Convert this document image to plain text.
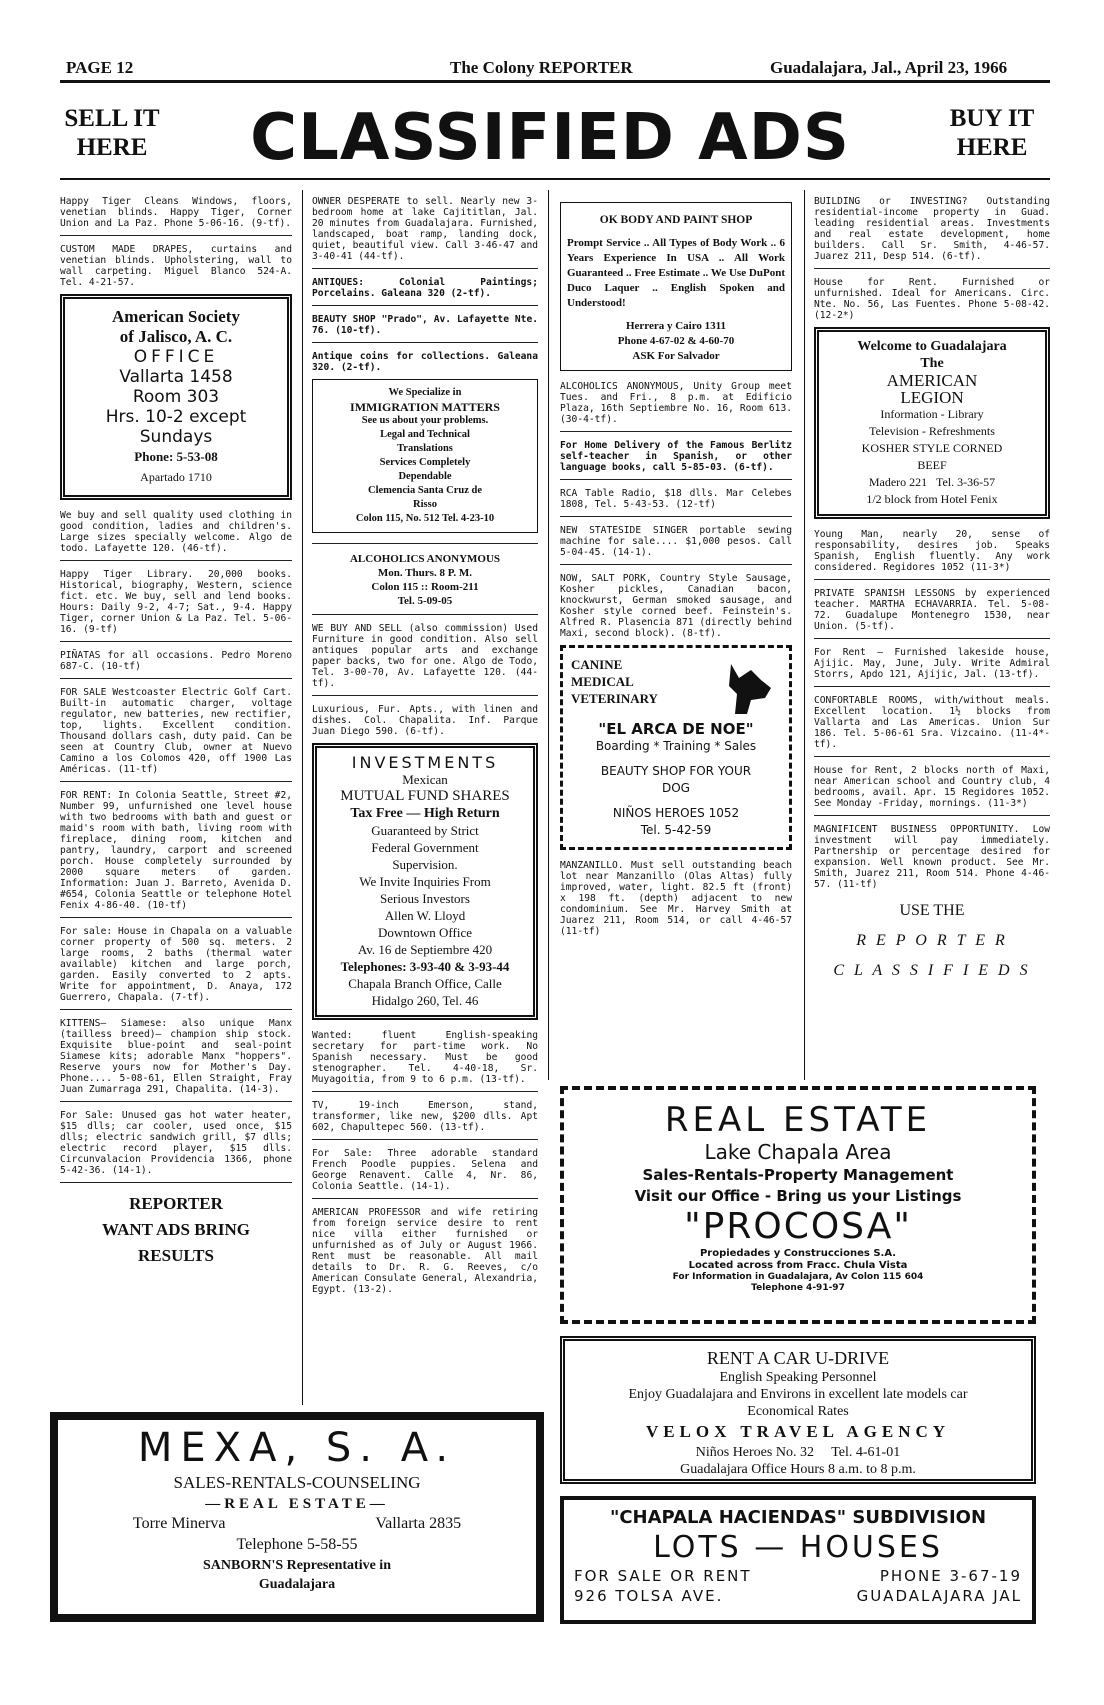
PAGE 12	The Colony REPORTER	Guadalajara, Jal., April 23, 1966
SELL IT
HERE	CLASSIFIED ADS	BUY IT
HERE

Happy Tiger Cleans Windows, floors, venetian blinds. Happy Tiger, Corner Union and La Paz. Phone 5-06-16. (9-tf).

CUSTOM MADE DRAPES, curtains and venetian blinds. Upholstering, wall to wall carpeting. Miguel Blanco 524-A. Tel. 4-21-57.

American Society
of Jalisco, A. C.
OFFICE
Vallarta 1458
Room 303
Hrs. 10-2 except
Sundays
Phone: 5-53-08
Apartado 1710

We buy and sell quality used clothing in good condition, ladies and children's. Large sizes specially welcome. Algo de todo. Lafayette 120. (46-tf).

Happy Tiger Library. 20,000 books. Historical, biography, Western, science fict. etc. We buy, sell and lend books. Hours: Daily 9-2, 4-7; Sat., 9-4. Happy Tiger, corner Union & La Paz. Tel. 5-06-16. (9-tf)

PIÑATAS for all occasions. Pedro Moreno 687-C. (10-tf)

FOR SALE Westcoaster Electric Golf Cart. Built-in automatic charger, voltage regulator, new batteries, new rectifier, top, lights. Excellent condition. Thousand dollars cash, duty paid. Can be seen at Country Club, owner at Nuevo Camino a los Colomos 420, off 1900 Las Américas. (11-tf)

FOR RENT: In Colonia Seattle, Street #2, Number 99, unfurnished one level house with two bedrooms with bath and guest or maid's room with bath, living room with fireplace, dining room, kitchen and pantry, laundry, carport and screened porch. House completely surrounded by 2000 square meters of garden. Information: Juan J. Barreto, Avenida D. #654, Colonia Seattle or telephone Hotel Fenix 4-86-40. (10-tf)

For sale: House in Chapala on a valuable corner property of 500 sq. meters. 2 large rooms, 2 baths (thermal water available) kitchen and large porch, garden. Easily converted to 2 apts. Write for appointment, D. Anaya, 172 Guerrero, Chapala. (7-tf).

KITTENS— Siamese: also unique Manx (tailless breed)— champion ship stock. Exquisite blue-point and seal-point Siamese kits; adorable Manx "hoppers". Reserve yours now for Mother's Day. Phone.... 5-08-61, Ellen Straight, Fray Juan Zumarraga 291, Chapalita. (14-3).

For Sale: Unused gas hot water heater, $15 dlls; car cooler, used once, $15 dlls; electric sandwich grill, $7 dlls; electric record player, $15 dlls. Circunvalacion Providencia 1366, phone 5-42-36. (14-1).

REPORTER
WANT ADS BRING
RESULTS

OWNER DESPERATE to sell. Nearly new 3-bedroom home at lake Cajititlan, Jal. 20 minutes from Guadalajara. Furnished, landscaped, boat ramp, landing dock, quiet, beautiful view. Call 3-46-47 and 3-40-41 (44-tf).

ANTIQUES: Colonial Paintings; Porcelains. Galeana 320 (2-tf).

BEAUTY SHOP "Prado", Av. Lafayette Nte. 76. (10-tf).

Antique coins for collections. Galeana 320. (2-tf).

We Specialize in
IMMIGRATION MATTERS
See us about your problems.
Legal and Technical
Translations
Services Completely
Dependable
Clemencia Santa Cruz de
Risso
Colon 115, No. 512 Tel. 4-23-10
ALCOHOLICS ANONYMOUS
Mon. Thurs. 8 P. M.
Colon 115 :: Room-211
Tel. 5-09-05

WE BUY AND SELL (also commission) Used Furniture in good condition. Also sell antiques popular arts and exchange paper backs, two for one. Algo de Todo, Tel. 3-00-70, Av. Lafayette 120. (44-tf).

Luxurious, Fur. Apts., with linen and dishes. Col. Chapalita. Inf. Parque Juan Diego 590. (6-tf).

INVESTMENTS
Mexican
MUTUAL FUND SHARES
Tax Free — High Return
Guaranteed by Strict
Federal Government
Supervision.
We Invite Inquiries From
Serious Investors
Allen W. Lloyd
Downtown Office
Av. 16 de Septiembre 420
Telephones: 3-93-40 & 3-93-44
Chapala Branch Office, Calle
Hidalgo 260, Tel. 46

Wanted: fluent English-speaking secretary for part-time work. No Spanish necessary. Must be good stenographer. Tel. 4-40-18, Sr. Muyagoitia, from 9 to 6 p.m. (13-tf).

TV, 19-inch Emerson, stand, transformer, like new, $200 dlls. Apt 602, Chapultepec 560. (13-tf).

For Sale: Three adorable standard French Poodle puppies. Selena and George Renavent. Calle 4, Nr. 86, Colonia Seattle. (14-1).

AMERICAN PROFESSOR and wife retiring from foreign service desire to rent nice villa either furnished or unfurnished as of July or August 1966. Rent must be reasonable. All mail details to Dr. R. G. Reeves, c/o American Consulate General, Alexandria, Egypt. (13-2).

OK BODY AND PAINT SHOP
Prompt Service .. All Types of Body Work .. 6 Years Experience In USA .. All Work Guaranteed .. Free Estimate .. We Use DuPont Duco Laquer .. English Spoken and Understood!
Herrera y Cairo 1311
Phone 4-67-02 & 4-60-70
ASK For Salvador

ALCOHOLICS ANONYMOUS, Unity Group meet Tues. and Fri., 8 p.m. at Edificio Plaza, 16th Septiembre No. 16, Room 613. (30-4-tf).

For Home Delivery of the Famous Berlitz self-teacher in Spanish, or other language books, call 5-85-03. (6-tf).

RCA Table Radio, $18 dlls. Mar Celebes 1808, Tel. 5-43-53. (12-tf)

NEW STATESIDE SINGER portable sewing machine for sale.... $1,000 pesos. Call 5-04-45. (14-1).

NOW, SALT PORK, Country Style Sausage, Kosher pickles, Canadian bacon, knockwurst, German smoked sausage, and Kosher style corned beef. Feinstein's. Alfred R. Plasencia 871 (directly behind Maxi, second block). (8-tf).

CANINE
MEDICAL
VETERINARY
"EL ARCA DE NOE"
Boarding * Training * Sales
BEAUTY SHOP FOR YOUR
DOG
NIÑOS HEROES 1052
Tel. 5-42-59

MANZANILLO. Must sell outstanding beach lot near Manzanillo (Olas Altas) fully improved, water, light. 82.5 ft (front) x 198 ft. (depth) adjacent to new condominium. See Mr. Harvey Smith at Juarez 211, Room 514, or call 4-46-57 (11-tf)

BUILDING or INVESTING? Outstanding residential-income property in Guad. leading residential areas. Investments and real estate development, home builders. Call Sr. Smith, 4-46-57. Juarez 211, Desp 514. (6-tf).

House for Rent. Furnished or unfurnished. Ideal for Americans. Circ. Nte. No. 56, Las Fuentes. Phone 5-08-42. (12-2*)

Welcome to Guadalajara
The
AMERICAN
LEGION
Information - Library
Television - Refreshments
KOSHER STYLE CORNED
BEEF
Madero 221 Tel. 3-36-57
1/2 block from Hotel Fenix

Young Man, nearly 20, sense of responsability, desires job. Speaks Spanish, English fluently. Any work considered. Regidores 1052 (11-3*)

PRIVATE SPANISH LESSONS by experienced teacher. MARTHA ECHAVARRIA. Tel. 5-08-72. Guadalupe Montenegro 1530, near Union. (5-tf).

For Rent — Furnished lakeside house, Ajijic. May, June, July. Write Admiral Storrs, Apdo 121, Ajijic, Jal. (13-tf).

CONFORTABLE ROOMS, with/without meals. Excellent location. 1½ blocks from Vallarta and Las Americas. Union Sur 186. Tel. 5-06-61 Sra. Vizcaino. (11-4*-tf).

House for Rent, 2 blocks north of Maxi, near American school and Country club, 4 bedrooms, avail. Apr. 15 Regidores 1052. See Monday -Friday, mornings. (11-3*)

MAGNIFICENT BUSINESS OPPORTUNITY. Low investment will pay immediately. Partnership or percentage desired for expansion. Well known product. See Mr. Smith, Juarez 211, Room 514. Phone 4-46-57. (11-tf)

USE THE
R E P O R T E R
C L A S S I F I E D S
REAL ESTATE
Lake Chapala Area
Sales-Rentals-Property Management
Visit our Office - Bring us your Listings
"PROCOSA"
Propiedades y Construcciones S.A.
Located across from Fracc. Chula Vista
For Information in Guadalajara, Av Colon 115 604
Telephone 4-91-97
RENT A CAR U-DRIVE
English Speaking Personnel
Enjoy Guadalajara and Environs in excellent late models car
Economical Rates
VELOX TRAVEL AGENCY
Niños Heroes No. 32 Tel. 4-61-01
Guadalajara Office Hours 8 a.m. to 8 p.m.
"CHAPALA HACIENDAS" SUBDIVISION
LOTS — HOUSES
FOR SALE OR RENT	PHONE 3-67-19
926 TOLSA AVE.	GUADALAJARA JAL
MEXA, S. A.
SALES-RENTALS-COUNSELING
—REAL ESTATE—
Torre Minerva	Vallarta 2835
Telephone 5-58-55
SANBORN'S Representative in
Guadalajara
